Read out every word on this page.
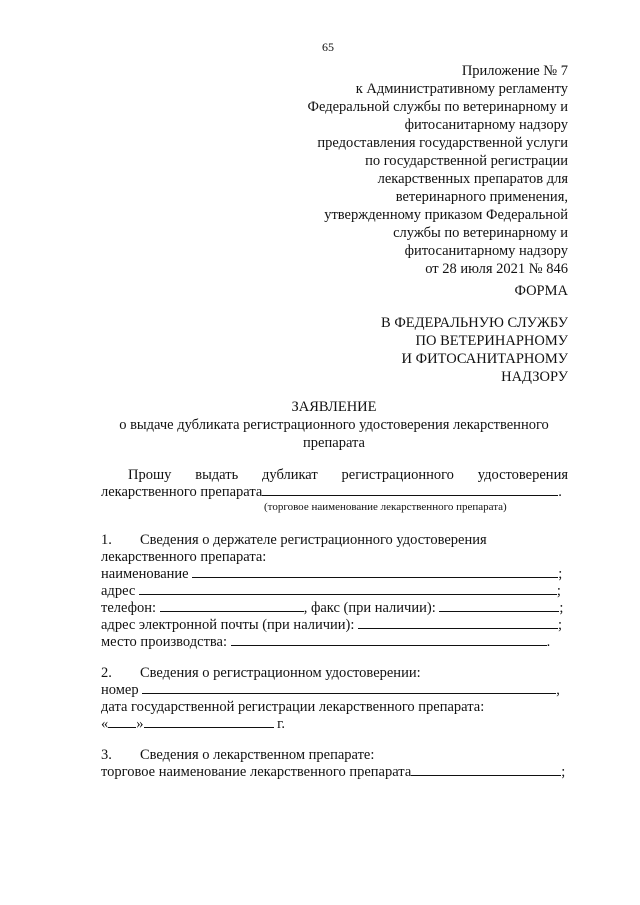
65
Приложение № 7
к Административному регламенту
Федеральной службы по ветеринарному и
фитосанитарному надзору
предоставления государственной услуги
по государственной регистрации
лекарственных препаратов для
ветеринарного применения,
утвержденному приказом Федеральной
службы по ветеринарному и
фитосанитарному надзору
от 28 июля 2021 № 846
ФОРМА
В ФЕДЕРАЛЬНУЮ СЛУЖБУ
ПО ВЕТЕРИНАРНОМУ
И ФИТОСАНИТАРНОМУ
НАДЗОРУ
ЗАЯВЛЕНИЕ
о выдаче дубликата регистрационного удостоверения лекарственного
препарата
Прошу выдать дубликат регистрационного удостоверения
лекарственного препарата	.
(торговое наименование лекарственного препарата)
1. Сведения о держателе регистрационного удостоверения
лекарственного препарата:
наименование	;
адрес	;
телефон:	, факс (при наличии):	;
адрес электронной почты (при наличии):	;
место производства:	.
2. Сведения о регистрационном удостоверении:
номер	,
дата государственной регистрации лекарственного препарата:
« »	г.
3. Сведения о лекарственном препарате:
торговое наименование лекарственного препарата	;
